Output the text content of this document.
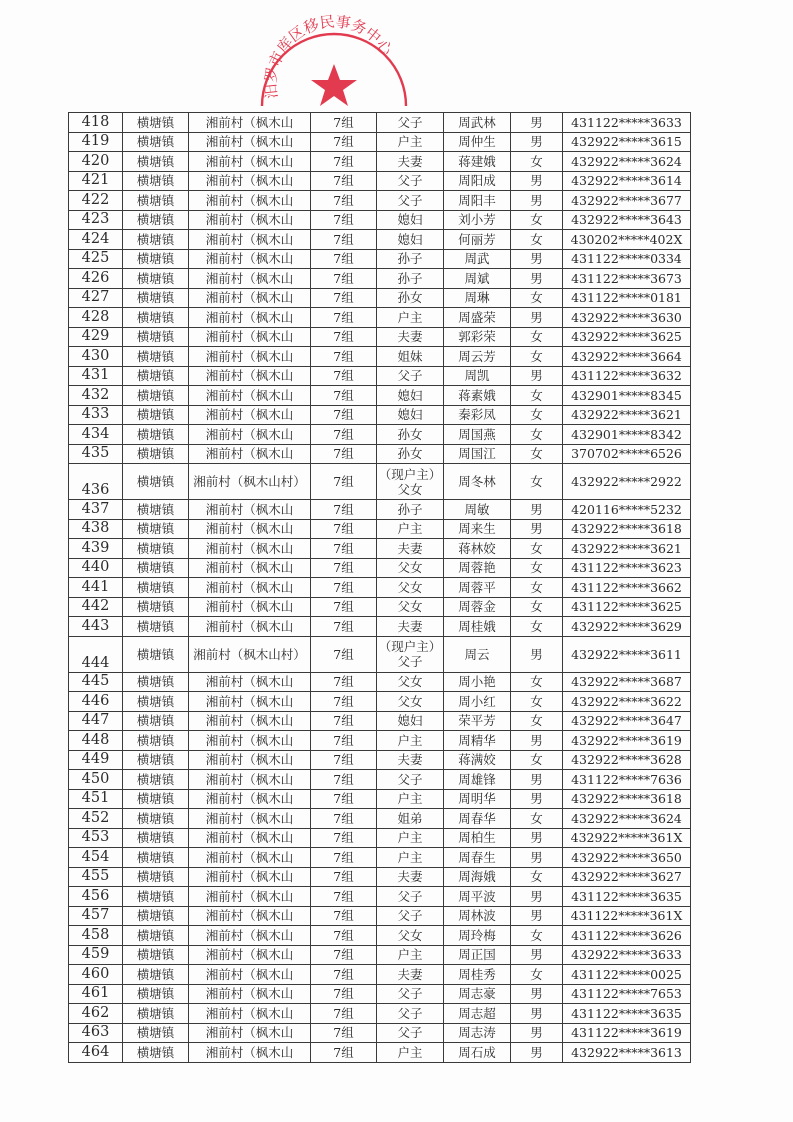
418	横塘镇	湘前村（枫木山	7组	父子	周武林	男	431122*****3633
419	横塘镇	湘前村（枫木山	7组	户主	周仲生	男	432922*****3615
420	横塘镇	湘前村（枫木山	7组	夫妻	蒋建娥	女	432922*****3624
421	横塘镇	湘前村（枫木山	7组	父子	周阳成	男	432922*****3614
422	横塘镇	湘前村（枫木山	7组	父子	周阳丰	男	432922*****3677
423	横塘镇	湘前村（枫木山	7组	媳妇	刘小芳	女	432922*****3643
424	横塘镇	湘前村（枫木山	7组	媳妇	何丽芳	女	430202*****402X
425	横塘镇	湘前村（枫木山	7组	孙子	周武	男	431122*****0334
426	横塘镇	湘前村（枫木山	7组	孙子	周斌	男	431122*****3673
427	横塘镇	湘前村（枫木山	7组	孙女	周琳	女	431122*****0181
428	横塘镇	湘前村（枫木山	7组	户主	周盛荣	男	432922*****3630
429	横塘镇	湘前村（枫木山	7组	夫妻	郭彩荣	女	432922*****3625
430	横塘镇	湘前村（枫木山	7组	姐妹	周云芳	女	432922*****3664
431	横塘镇	湘前村（枫木山	7组	父子	周凯	男	431122*****3632
432	横塘镇	湘前村（枫木山	7组	媳妇	蒋素娥	女	432901*****8345
433	横塘镇	湘前村（枫木山	7组	媳妇	秦彩凤	女	432922*****3621
434	横塘镇	湘前村（枫木山	7组	孙女	周国燕	女	432901*****8342
435	横塘镇	湘前村（枫木山	7组	孙女	周国江	女	370702*****6526
436	横塘镇	湘前村（枫木山村）	7组	（现户主）父女	周冬林	女	432922*****2922
437	横塘镇	湘前村（枫木山	7组	孙子	周敏	男	420116*****5232
438	横塘镇	湘前村（枫木山	7组	户主	周来生	男	432922*****3618
439	横塘镇	湘前村（枫木山	7组	夫妻	蒋林姣	女	432922*****3621
440	横塘镇	湘前村（枫木山	7组	父女	周蓉艳	女	431122*****3623
441	横塘镇	湘前村（枫木山	7组	父女	周蓉平	女	431122*****3662
442	横塘镇	湘前村（枫木山	7组	父女	周蓉金	女	431122*****3625
443	横塘镇	湘前村（枫木山	7组	夫妻	周桂娥	女	432922*****3629
444	横塘镇	湘前村（枫木山村）	7组	（现户主）父子	周云	男	432922*****3611
445	横塘镇	湘前村（枫木山	7组	父女	周小艳	女	432922*****3687
446	横塘镇	湘前村（枫木山	7组	父女	周小红	女	432922*****3622
447	横塘镇	湘前村（枫木山	7组	媳妇	荣平芳	女	432922*****3647
448	横塘镇	湘前村（枫木山	7组	户主	周精华	男	432922*****3619
449	横塘镇	湘前村（枫木山	7组	夫妻	蒋满姣	女	432922*****3628
450	横塘镇	湘前村（枫木山	7组	父子	周雄锋	男	431122*****7636
451	横塘镇	湘前村（枫木山	7组	户主	周明华	男	432922*****3618
452	横塘镇	湘前村（枫木山	7组	姐弟	周春华	女	432922*****3624
453	横塘镇	湘前村（枫木山	7组	户主	周柏生	男	432922*****361X
454	横塘镇	湘前村（枫木山	7组	户主	周春生	男	432922*****3650
455	横塘镇	湘前村（枫木山	7组	夫妻	周海娥	女	432922*****3627
456	横塘镇	湘前村（枫木山	7组	父子	周平波	男	431122*****3635
457	横塘镇	湘前村（枫木山	7组	父子	周林波	男	431122*****361X
458	横塘镇	湘前村（枫木山	7组	父女	周玲梅	女	431122*****3626
459	横塘镇	湘前村（枫木山	7组	户主	周正国	男	432922*****3633
460	横塘镇	湘前村（枫木山	7组	夫妻	周桂秀	女	431122*****0025
461	横塘镇	湘前村（枫木山	7组	父子	周志豪	男	431122*****7653
462	横塘镇	湘前村（枫木山	7组	父子	周志超	男	431122*****3635
463	横塘镇	湘前村（枫木山	7组	父子	周志涛	男	431122*****3619
464	横塘镇	湘前村（枫木山	7组	户主	周石成	男	432922*****3613
汨罗市库区移民事务中心
